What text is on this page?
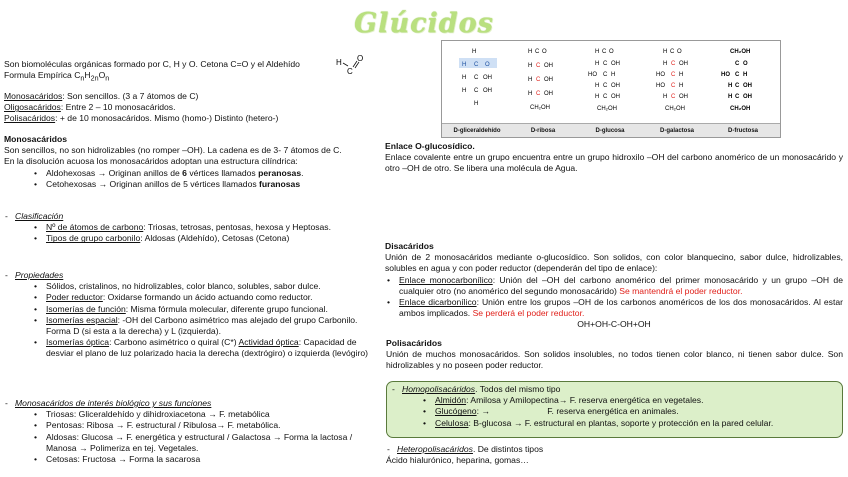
Glúcidos
Son biomoléculas orgánicas formado por C, H y O. Cetona C=O y el Aldehído
Formula Empírica $C_nH_{2n}O_n$
H
C
O
Monosacáridos: Son sencillos. (3 a 7 átomos de C)
Oligosacáridos: Entre 2 – 10 monosacáridos.
Polisacáridos: + de 10 monosacáridos. Mismo (homo-) Distinto (hetero-)
Monosacáridos
Son sencillos, no son hidrolizables (no romper –OH). La cadena es de 3- 7 átomos de C.
En la disolución acuosa los monosacáridos adoptan una estructura cilíndrica:
• Aldohexosas → Originan anillos de 6 vértices llamados peranosas.
• Cetohexosas → Originan anillos de 5 vértices llamados furanosas
- Clasificación
• Nº de átomos de carbono: Triosas, tetrosas, pentosas, hexosa y Heptosas.
• Tipos de grupo carbonilo: Aldosas (Aldehído), Cetosas (Cetona)
- Propiedades
• Sólidos, cristalinos, no hidrolizables, color blanco, solubles, sabor dulce.
• Poder reductor: Oxidarse formando un ácido actuando como reductor.
• Isomerías de función: Misma fórmula molecular, diferente grupo funcional.
• Isomerías espacial: -OH del Carbono asimétrico mas alejado del grupo Carbonilo. Forma D (si esta a la derecha) y L (izquierda).
• Isomerías óptica: Carbono asimétrico o quiral (C*) Actividad óptica: Capacidad de desviar el plano de luz polarizado hacia la derecha (dextrógiro) o izquierda (levógiro)
- Monosacáridos de interés biológico y sus funciones
• Triosas: Gliceraldehído y dihidroxiacetona → F. metabólica
• Pentosas: Ribosa → F. estructural / Ribulosa→ F. metabólica.
• Aldosas: Glucosa → F. energética y estructural / Galactosa → Forma la lactosa / Manosa → Polimeriza en tej. Vegetales.
• Cetosas: Fructosa → Forma la sacarosa
H
H C O
H C OH
H C OH
H
H C O
H C OH
H C OH
H C OH
CH₂OH
H C O
H C OH
HO C H
H C OH
H C OH
CH₂OH
H C O
H C OH
HO C H
HO C H
H C OH
CH₂OH
CH₂OH
C O
HO C H
H C OH
H C OH
CH₂OH
D-gliceraldehído	D-ribosa	D-glucosa	D-galactosa	D-fructosa
Enlace O-glucosídico.
Enlace covalente entre un grupo encuentra entre un grupo hidroxilo –OH del carbono anomérico de un monosacárido y otro –OH de otro. Se libera una molécula de Agua.
Disacáridos
Unión de 2 monosacáridos mediante o-glucosídico. Son solidos, con color blanquecino, sabor dulce, hidrolizables, solubles en agua y con poder reductor (dependerán del tipo de enlace):
• Enlace monocarbonílico: Unión del –OH del carbono anomérico del primer monosacárido y un grupo –OH de cualquier otro (no anomérico del segundo monosacárido) Se mantendrá el poder reductor.
• Enlace dicarbonílico: Unión entre los grupos –OH de los carbonos anoméricos de los dos monosacáridos. Al estar ambos implicados. Se perderá el poder reductor.
OH+OH-C-OH+OH
Polisacáridos
Unión de muchos monosacáridos. Son solidos insolubles, no todos tienen color blanco, ni tienen sabor dulce. Son hidrolizables y no poseen poder reductor.
- Homopolisacáridos. Todos del mismo tipo
• Almidón: Amilosa y Amilopectina→ F. reserva energética en vegetales.
• Glucógeno: →                        F. reserva energética en animales.
• Celulosa: B-glucosa → F. estructural en plantas, soporte y protección en la pared celular.
- Heteropolisacáridos. De distintos tipos
Ácido hialurónico, heparina, gomas…
